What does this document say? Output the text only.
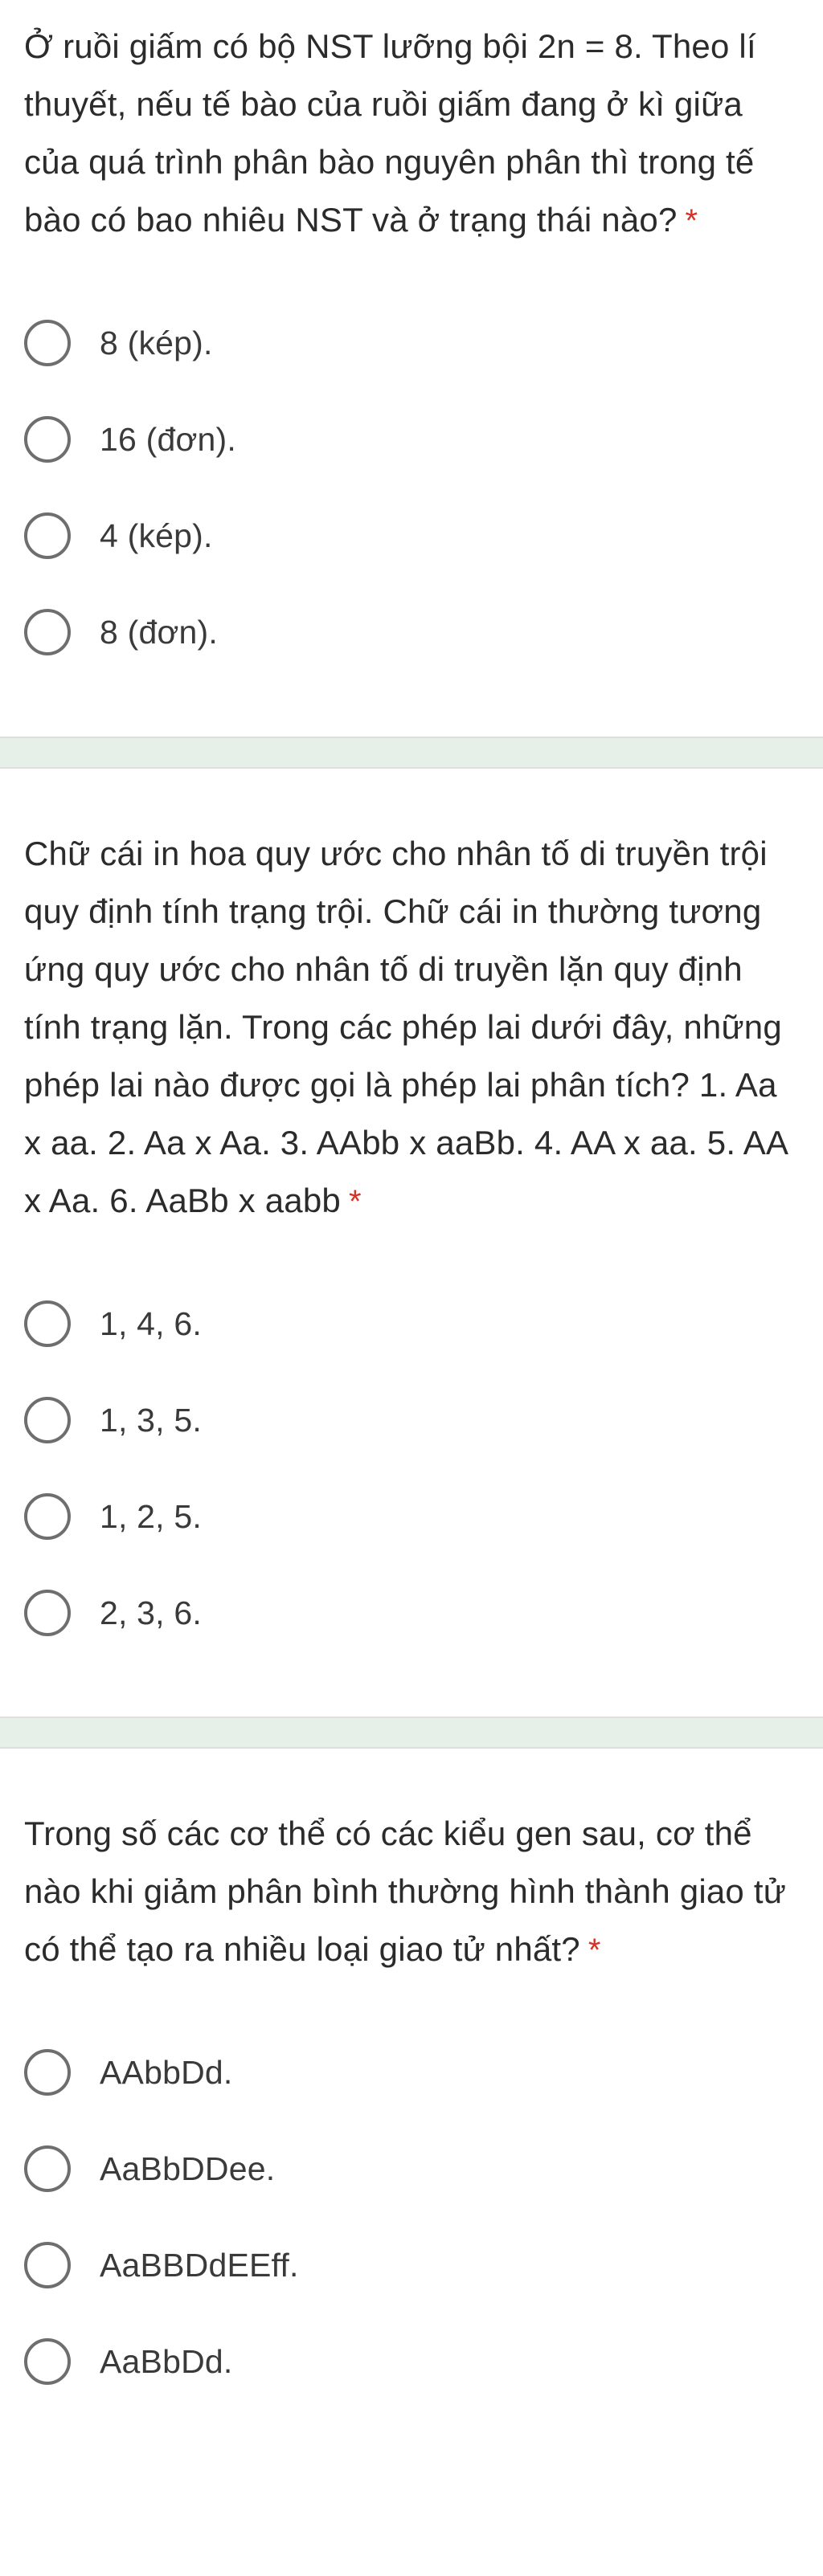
Ở ruồi giấm có bộ NST lưỡng bội 2n = 8. Theo lí thuyết, nếu tế bào của ruồi giấm đang ở kì giữa của quá trình phân bào nguyên phân thì trong tế bào có bao nhiêu NST và ở trạng thái nào? *
8 (kép).
16 (đơn).
4 (kép).
8 (đơn).
Chữ cái in hoa quy ước cho nhân tố di truyền trội quy định tính trạng trội. Chữ cái in thường tương ứng quy ước cho nhân tố di truyền lặn quy định tính trạng lặn. Trong các phép lai dưới đây, những phép lai nào được gọi là phép lai phân tích? 1. Aa x aa. 2. Aa x Aa. 3. AAbb x aaBb. 4. AA x aa. 5. AA x Aa. 6. AaBb x aabb *
1, 4, 6.
1, 3, 5.
1, 2, 5.
2, 3, 6.
Trong số các cơ thể có các kiểu gen sau, cơ thể nào khi giảm phân bình thường hình thành giao tử có thể tạo ra nhiều loại giao tử nhất? *
AAbbDd.
AaBbDDee.
AaBBDdEEff.
AaBbDd.
